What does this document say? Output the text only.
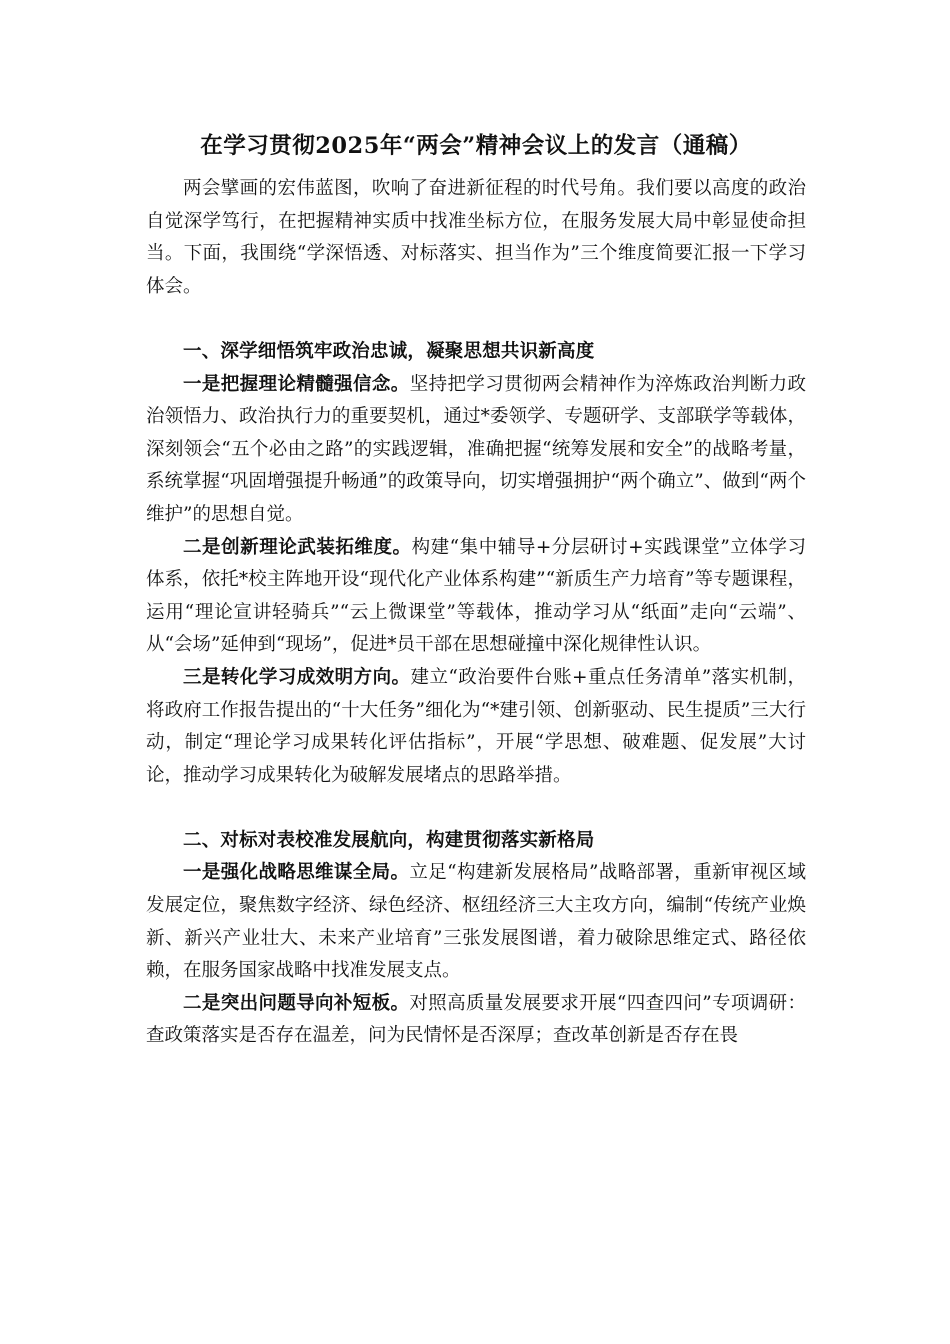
在学习贯彻2025年“两会”精神会议上的发言（通稿）

两会擘画的宏伟蓝图，吹响了奋进新征程的时代号角。我们要以高度的政治自觉深学笃行，在把握精神实质中找准坐标方位，在服务发展大局中彰显使命担当。下面，我围绕“学深悟透、对标落实、担当作为”三个维度简要汇报一下学习体会。

一、深学细悟筑牢政治忠诚，凝聚思想共识新高度

一是把握理论精髓强信念。坚持把学习贯彻两会精神作为淬炼政治判断力政治领悟力、政治执行力的重要契机，通过*委领学、专题研学、支部联学等载体，深刻领会“五个必由之路”的实践逻辑，准确把握“统筹发展和安全”的战略考量，系统掌握“巩固增强提升畅通”的政策导向，切实增强拥护“两个确立”、做到“两个维护”的思想自觉。

二是创新理论武装拓维度。构建“集中辅导+分层研讨+实践课堂”立体学习体系，依托*校主阵地开设“现代化产业体系构建”“新质生产力培育”等专题课程，运用“理论宣讲轻骑兵”“云上微课堂”等载体，推动学习从“纸面”走向“云端”、从“会场”延伸到“现场”，促进*员干部在思想碰撞中深化规律性认识。

三是转化学习成效明方向。建立“政治要件台账+重点任务清单”落实机制，将政府工作报告提出的“十大任务”细化为“*建引领、创新驱动、民生提质”三大行动，制定“理论学习成果转化评估指标”，开展“学思想、破难题、促发展”大讨论，推动学习成果转化为破解发展堵点的思路举措。

二、对标对表校准发展航向，构建贯彻落实新格局

一是强化战略思维谋全局。立足“构建新发展格局”战略部署，重新审视区域发展定位，聚焦数字经济、绿色经济、枢纽经济三大主攻方向，编制“传统产业焕新、新兴产业壮大、未来产业培育”三张发展图谱，着力破除思维定式、路径依赖，在服务国家战略中找准发展支点。

二是突出问题导向补短板。对照高质量发展要求开展“四查四问”专项调研：查政策落实是否存在温差，问为民情怀是否深厚；查改革创新是否存在畏
